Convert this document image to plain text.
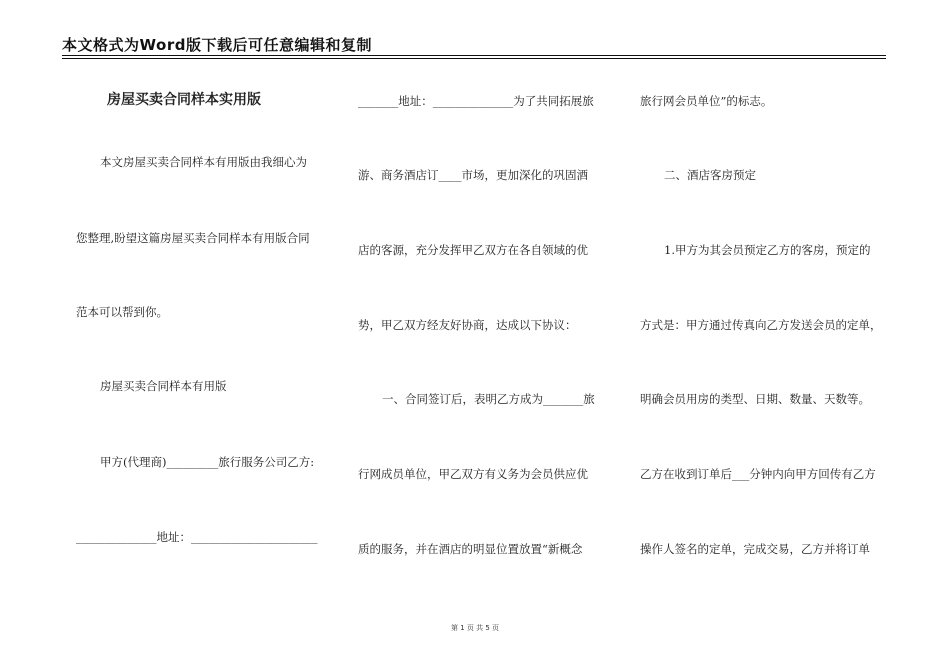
本文格式为Word版下载后可任意编辑和复制
房屋买卖合同样本实用版
本文房屋买卖合同样本有用版由我细心为
您整理,盼望这篇房屋买卖合同样本有用版合同
范本可以帮到你。
房屋买卖合同样本有用版
甲方(代理商)_________旅行服务公司乙方:
______________地址：______________________
_______地址：______________为了共同拓展旅
游、商务酒店订____市场，更加深化的巩固酒
店的客源，充分发挥甲乙双方在各自领域的优
势，甲乙双方经友好协商，达成以下协议：
一、合同签订后，表明乙方成为_______旅
行网成员单位，甲乙双方有义务为会员供应优
质的服务，并在酒店的明显位置放置“新概念
旅行网会员单位”的标志。
二、酒店客房预定
1.甲方为其会员预定乙方的客房，预定的
方式是：甲方通过传真向乙方发送会员的定单，
明确会员用房的类型、日期、数量、天数等。
乙方在收到订单后___分钟内向甲方回传有乙方
操作人签名的定单，完成交易，乙方并将订单
第 1 页 共 5 页
